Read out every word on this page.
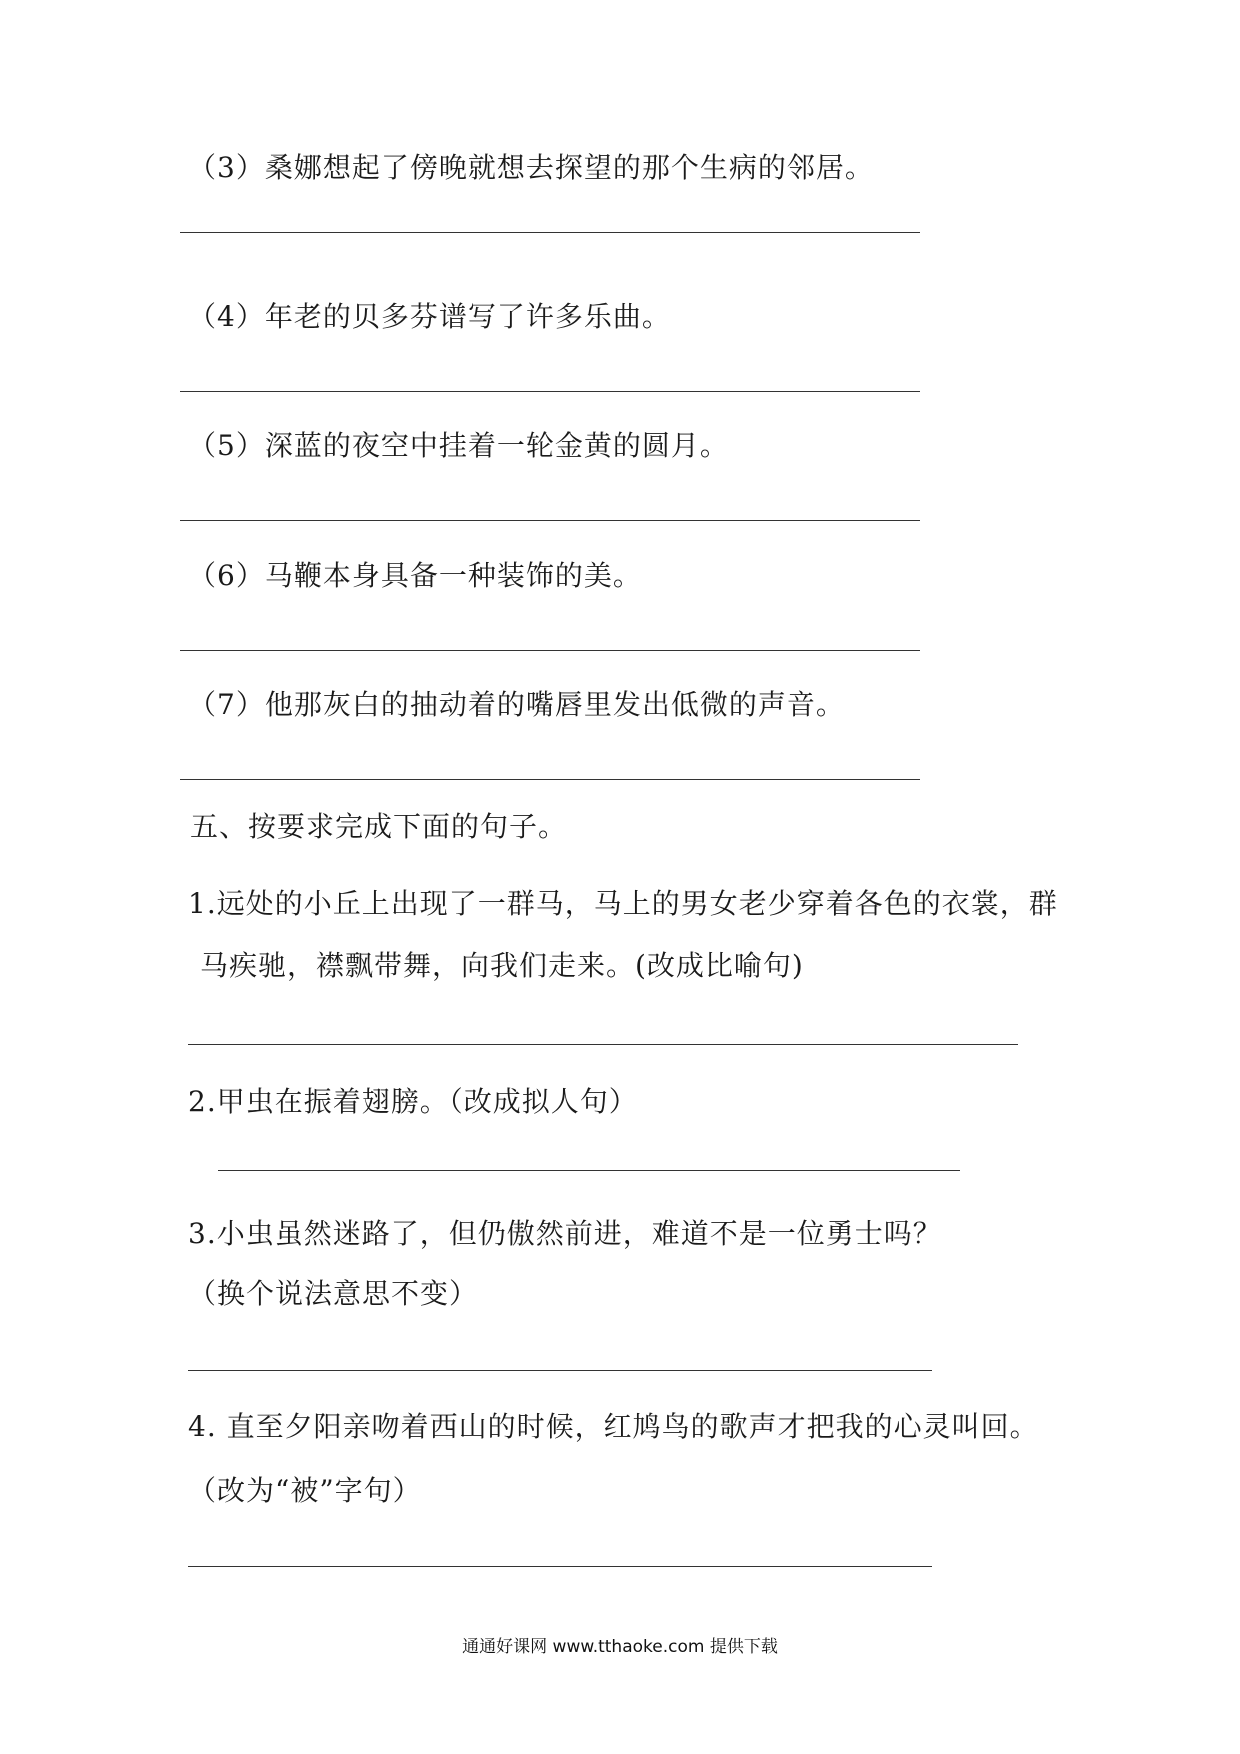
（3）桑娜想起了傍晚就想去探望的那个生病的邻居。
（4）年老的贝多芬谱写了许多乐曲。
（5）深蓝的夜空中挂着一轮金黄的圆月。
（6）马鞭本身具备一种装饰的美。
（7）他那灰白的抽动着的嘴唇里发出低微的声音。
五、按要求完成下面的句子。
1.远处的小丘上出现了一群马，马上的男女老少穿着各色的衣裳，群
马疾驰，襟飘带舞，向我们走来。(改成比喻句)
2.甲虫在振着翅膀。（改成拟人句）
3.小虫虽然迷路了，但仍傲然前进，难道不是一位勇士吗？
（换个说法意思不变）
4. 直至夕阳亲吻着西山的时候，红鸠鸟的歌声才把我的心灵叫回。
（改为“被”字句）
通通好课网 www.tthaoke.com 提供下载
